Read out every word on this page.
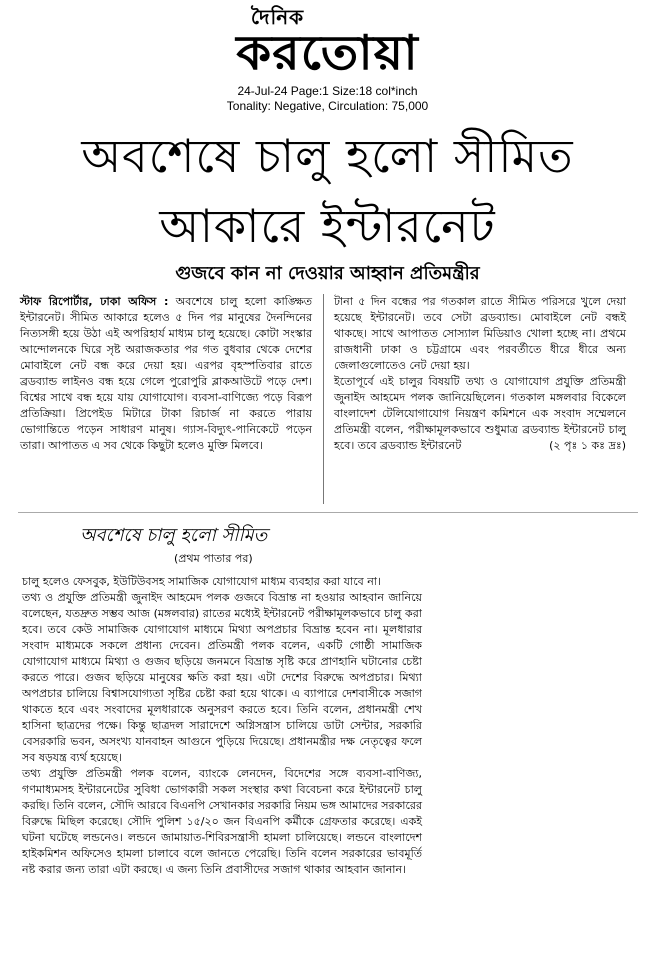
দৈনিক
করতোয়া
24-Jul-24 Page:1 Size:18 col*inch
Tonality: Negative, Circulation: 75,000
অবশেষে চালু হলো সীমিত
আকারে ইন্টারনেট
গুজবে কান না দেওয়ার আহ্বান প্রতিমন্ত্রীর

স্টাফ রিপোর্টার, ঢাকা অফিস : অবশেষে চালু হলো কাঙ্ক্ষিত ইন্টারনেট। সীমিত আকারে হলেও ৫ দিন পর মানুষের দৈনন্দিনের নিত্যসঙ্গী হয়ে উঠা এই অপরিহার্য মাধ্যম চালু হয়েছে। কোটা সংস্কার আন্দোলনকে ঘিরে সৃষ্ট অরাজকতার পর গত বুধবার থেকে দেশের মোবাইলে নেট বন্ধ করে দেয়া হয়। এরপর বৃহস্পতিবার রাতে ব্রডব্যান্ড লাইনও বন্ধ হয়ে গেলে পুরোপুরি ব্লাকআউটে পড়ে দেশ। বিশ্বের সাথে বন্ধ হয়ে যায় যোগাযোগ। ব্যবসা-বাণিজ্যে পড়ে বিরূপ প্রতিক্রিয়া। প্রিপেইড মিটারে টাকা রিচার্জ না করতে পারায় ভোগান্তিতে পড়েন সাধারণ মানুষ। গ্যাস-বিদ্যুৎ-পানিকেটে পড়েন তারা। আপাতত এ সব থেকে কিছুটা হলেও মুক্তি মিলবে।

টানা ৫ দিন বন্ধের পর গতকাল রাতে সীমিত পরিসরে খুলে দেয়া হয়েছে ইন্টারনেট। তবে সেটা ব্রডব্যান্ড। মোবাইলে নেট বন্ধই থাকছে। সাথে আপাতত সোস্যাল মিডিয়াও খোলা হচ্ছে না। প্রথমে রাজধানী ঢাকা ও চট্টগ্রামে এবং পরবর্তীতে ধীরে ধীরে অন্য জেলাগুলোতেও নেট দেয়া হয়।

ইতোপূর্বে এই চালুর বিষয়টি তথ্য ও যোগাযোগ প্রযুক্তি প্রতিমন্ত্রী জুনাইদ আহমেদ পলক জানিয়েছিলেন। গতকাল মঙ্গলবার বিকেলে বাংলাদেশ টেলিযোগাযোগ নিয়ন্ত্রণ কমিশনে এক সংবাদ সম্মেলনে প্রতিমন্ত্রী বলেন, পরীক্ষামূলকভাবে শুধুমাত্র ব্রডব্যান্ড ইন্টারনেট চালু হবে। তবে ব্রডব্যান্ড ইন্টারনেট	(২ পৃঃ ১ কঃ দ্রঃ)

অবশেষে চালু হলো সীমিত
(প্রথম পাতার পর)

চালু হলেও ফেসবুক, ইউটিউবসহ সামাজিক যোগাযোগ মাধ্যম ব্যবহার করা যাবে না।

তথ্য ও প্রযুক্তি প্রতিমন্ত্রী জুনাইদ আহমেদ পলক গুজবে বিভ্রান্ত না হওয়ার আহবান জানিয়ে বলেছেন, যতদ্রুত সম্ভব আজ (মঙ্গলবার) রাতের মধ্যেই ইন্টারনেট পরীক্ষামূলকভাবে চালু করা হবে। তবে কেউ সামাজিক যোগাযোগ মাধ্যমে মিথ্যা অপপ্রচার বিভ্রান্ত হবেন না। মূলধারার সংবাদ মাধ্যমকে সকলে প্রধান্য দেবেন। প্রতিমন্ত্রী পলক বলেন, একটি গোষ্ঠী সামাজিক যোগাযোগ মাধ্যমে মিথ্যা ও গুজব ছড়িয়ে জনমনে বিভ্রান্ত সৃষ্টি করে প্রাণহানি ঘটানোর চেষ্টা করতে পারে। গুজব ছড়িয়ে মানুষের ক্ষতি করা হয়। এটা দেশের বিরুদ্ধে অপপ্রচার। মিথ্যা অপপ্রচার চালিয়ে বিশ্বাসযোগ্যতা সৃষ্টির চেষ্টা করা হয়ে থাকে। এ ব্যাপারে দেশবাসীকে সজাগ থাকতে হবে এবং সংবাদের মূলধারাকে অনুসরণ করতে হবে। তিনি বলেন, প্রধানমন্ত্রী শেখ হাসিনা ছাত্রদের পক্ষে। কিন্তু ছাত্রদল সারাদেশে অগ্নিসন্ত্রাস চালিয়ে ডাটা সেন্টার, সরকারি বেসরকারি ভবন, অসংখ্য যানবাহন আগুনে পুড়িয়ে দিয়েছে। প্রধানমন্ত্রীর দক্ষ নেতৃত্বের ফলে সব ষড়যন্ত্র ব্যর্থ হয়েছে।

তথ্য প্রযুক্তি প্রতিমন্ত্রী পলক বলেন, ব্যাংকে লেনদেন, বিদেশের সঙ্গে ব্যবসা-বাণিজ্য, গণমাধ্যমসহ ইন্টারনেটের সুবিধা ভোগকারী সকল সংস্থার কথা বিবেচনা করে ইন্টারনেট চালু করছি। তিনি বলেন, সৌদি আরবে বিএনপি সেখানকার সরকারি নিয়ম ভঙ্গ আমাদের সরকারের বিরুদ্ধে মিছিল করেছে। সৌদি পুলিশ ১৫/২০ জন বিএনপি কর্মীকে গ্রেফতার করেছে। একই ঘটনা ঘটেছে লন্ডনেও। লন্ডনে জামায়াত-শিবিরসন্ত্রাসী হামলা চালিয়েছে। লন্ডনে বাংলাদেশ হাইকমিশন অফিসেও হামলা চালাবে বলে জানতে পেরেছি। তিনি বলেন সরকারের ভাবমূর্তি নষ্ট করার জন্য তারা এটা করছে। এ জন্য তিনি প্রবাসীদের সজাগ থাকার আহবান জানান।
